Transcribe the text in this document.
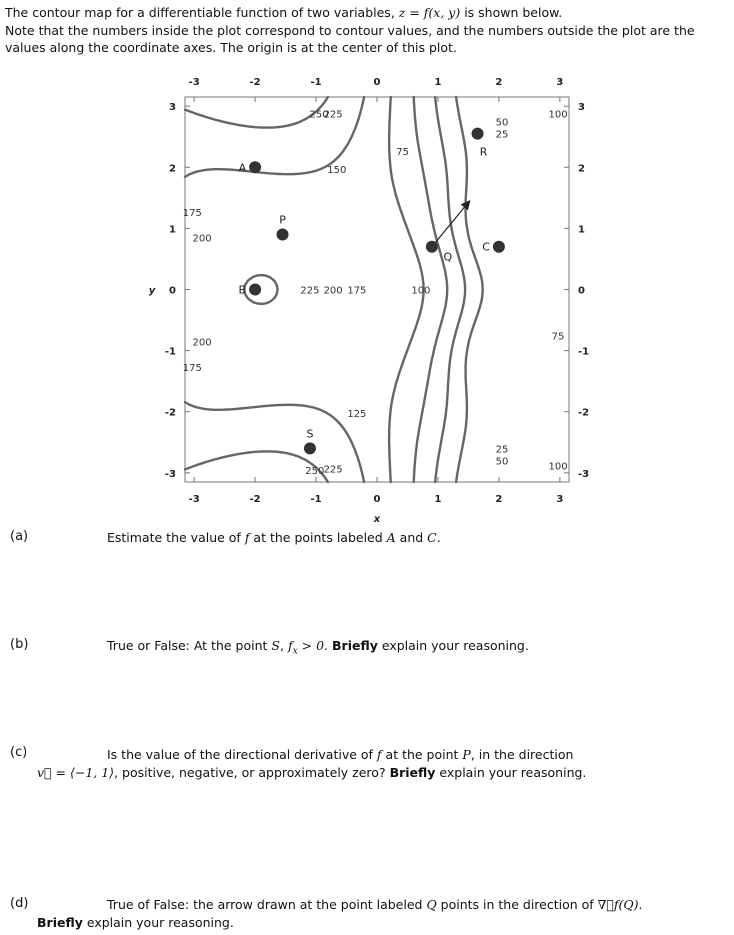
The contour map for a differentiable function of two variables, z = f(x, y) is shown below.

Note that the numbers inside the plot correspond to contour values, and the numbers outside the plot are the values along the coordinate axes. The origin is at the center of this plot.

-3
-3
-3	-3
-2
-2
-2	-2
-1
-1
-1	-1
0
0
0	0
1
1
1	1
2
2
2	2
3
3
3	3
x
y
250
225
150
75
50
25
100
175
200
225 200 175	100
200
175
75
125
25
50
250 225	100
A
P
B
Q
C
R
S
(a)	Estimate the value of f at the points labeled A and C.
(b)	True or False: At the point S, $f_x > 0$. Briefly explain your reasoning.
(c)	Is the value of the directional derivative of f at the point P, in the direction
v⃗ = ⟨−1, 1⟩, positive, negative, or approximately zero? Briefly explain your reasoning.
(d)	True of False: the arrow drawn at the point labeled Q points in the direction of ∇⃗f(Q).
Briefly explain your reasoning.
